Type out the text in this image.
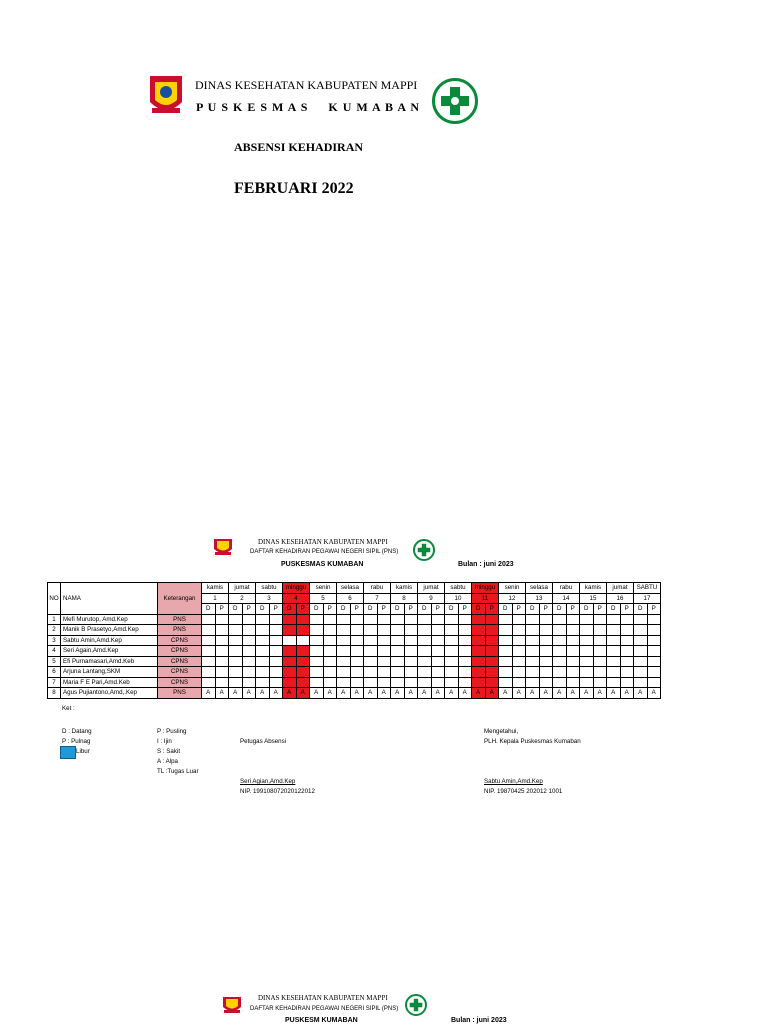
DINAS KESEHATAN KABUPATEN MAPPI
P U S K E S M A S     K U M A B A N
ABSENSI KEHADIRAN
FEBRUARI 2022
DINAS KESEHATAN KABUPATEN MAPPI
DAFTAR KEHADIRAN PEGAWAI NEGERI SIPIL (PNS)
PUSKESMAS KUMABAN	Bulan : juni 2023
NO	NAMA	Keterangan	kamis		jumat		sabtu		minggu		senin		selasa		rabu		kamis		jumat		sabtu		minggu		senin		selasa		rabu		kamis		jumat		SABTU	
			1		2		3		4		5		6		7		8		9		10		11		12		13		14		15		16		17	
			D	P	D	P	D	P	D	P	D	P	D	P	D	P	D	P	D	P	D	P	D	P	D	P	D	P	D	P	D	P	D	P	D	P
1	Mefi Murutop, Amd.Kep	PNS																																		
2	Manik B Prasetyo,Amd.Kep	PNS																																		
3	Sabtu Amin,Amd.Kep	CPNS																																		
4	Seri Again,Amd.Kep	CPNS																																		
5	Efi Purnamasari,Amd.Keb	CPNS																																		
6	Arjuna Lantang,SKM	CPNS																																		
7	Maria F E Pari,Amd.Keb	CPNS																																		
8	Agus Pujiantono,Amd,.Kep	PNS	A	A	A	A	A	A	A	A	A	A	A	A	A	A	A	A	A	A	A	A	A	A	A	A	A	A	A	A	A	A	A	A	A	A
Ket :
D : Datang
P : Pulnag
Libur
P : Pusling
I : Ijin
S : Sakit
A : Alpa
TL :Tugas Luar
Petugas Absensi
Seri Agian,Amd.Kep
NIP. 199108072020122012
Mengetahui,
PLH. Kepala Puskesmas Kumaban
Sabtu Amin,Amd.Kep
NIP. 19870425 202012 1001
DINAS KESEHATAN KABUPATEN MAPPI
DAFTAR KEHADIRAN PEGAWAI NEGERI SIPIL (PNS)
PUSKESM KUMABAN	Bulan : juni 2023
